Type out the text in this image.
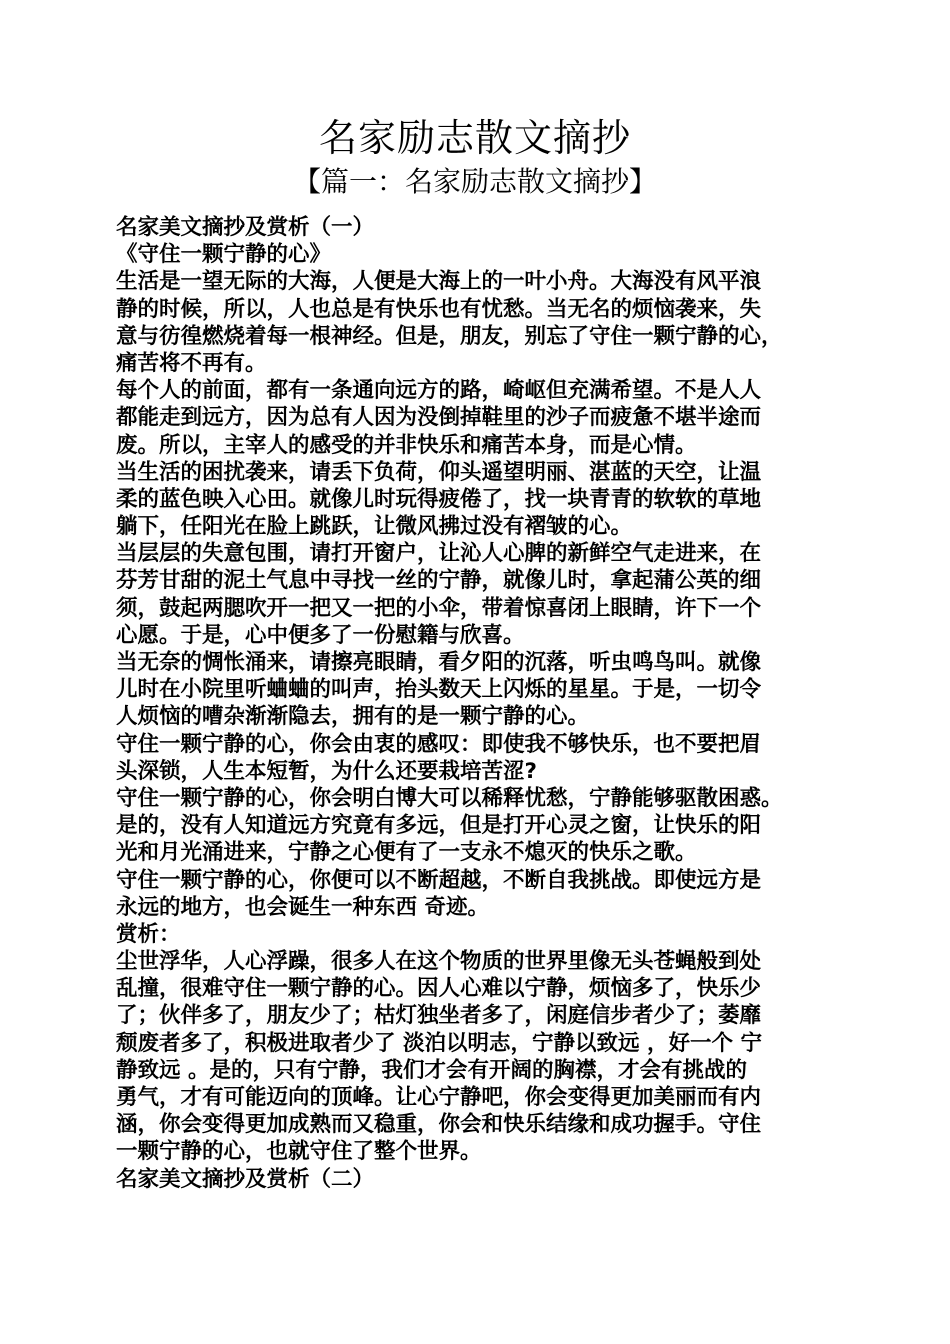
名家励志散文摘抄
【篇一：名家励志散文摘抄】
名家美文摘抄及赏析（一）
《守住一颗宁静的心》
生活是一望无际的大海，人便是大海上的一叶小舟。大海没有风平浪
静的时候，所以，人也总是有快乐也有忧愁。当无名的烦恼袭来，失
意与彷徨燃烧着每一根神经。但是，朋友，别忘了守住一颗宁静的心，
痛苦将不再有。
每个人的前面，都有一条通向远方的路，崎岖但充满希望。不是人人
都能走到远方，因为总有人因为没倒掉鞋里的沙子而疲惫不堪半途而
废。所以，主宰人的感受的并非快乐和痛苦本身，而是心情。
当生活的困扰袭来，请丢下负荷，仰头遥望明丽、湛蓝的天空，让温
柔的蓝色映入心田。就像儿时玩得疲倦了，找一块青青的软软的草地
躺下，任阳光在脸上跳跃，让微风拂过没有褶皱的心。
当层层的失意包围，请打开窗户，让沁人心脾的新鲜空气走进来，在
芬芳甘甜的泥土气息中寻找一丝的宁静，就像儿时，拿起蒲公英的细
须，鼓起两腮吹开一把又一把的小伞，带着惊喜闭上眼睛，许下一个
心愿。于是，心中便多了一份慰籍与欣喜。
当无奈的惆怅涌来，请擦亮眼睛，看夕阳的沉落，听虫鸣鸟叫。就像
儿时在小院里听蛐蛐的叫声，抬头数天上闪烁的星星。于是，一切令
人烦恼的嘈杂渐渐隐去，拥有的是一颗宁静的心。
守住一颗宁静的心，你会由衷的感叹：即使我不够快乐，也不要把眉
头深锁，人生本短暂，为什么还要栽培苦涩?
守住一颗宁静的心，你会明白博大可以稀释忧愁，宁静能够驱散困惑。
是的，没有人知道远方究竟有多远，但是打开心灵之窗，让快乐的阳
光和月光涌进来，宁静之心便有了一支永不熄灭的快乐之歌。
守住一颗宁静的心，你便可以不断超越，不断自我挑战。即使远方是
永远的地方，也会诞生一种东西 奇迹。
赏析：
尘世浮华，人心浮躁，很多人在这个物质的世界里像无头苍蝇般到处
乱撞，很难守住一颗宁静的心。因人心难以宁静，烦恼多了，快乐少
了；伙伴多了，朋友少了；枯灯独坐者多了，闲庭信步者少了；萎靡
颓废者多了，积极进取者少了 淡泊以明志，宁静以致远 ，好一个 宁
静致远 。是的，只有宁静，我们才会有开阔的胸襟，才会有挑战的
勇气，才有可能迈向的顶峰。让心宁静吧，你会变得更加美丽而有内
涵，你会变得更加成熟而又稳重，你会和快乐结缘和成功握手。守住
一颗宁静的心，也就守住了整个世界。
名家美文摘抄及赏析（二）
